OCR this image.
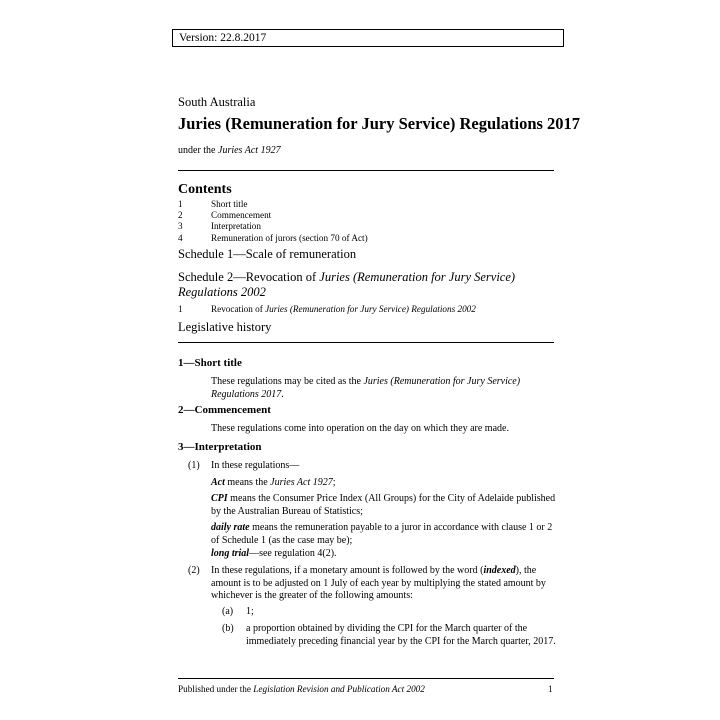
Version: 22.8.2017
South Australia
Juries (Remuneration for Jury Service) Regulations 2017
under the Juries Act 1927
Contents
1	Short title
2	Commencement
3	Interpretation
4	Remuneration of jurors (section 70 of Act)
Schedule 1—Scale of remuneration
Schedule 2—Revocation of Juries (Remuneration for Jury Service)
Regulations 2002
1	Revocation of Juries (Remuneration for Jury Service) Regulations 2002
Legislative history
1—Short title
These regulations may be cited as the Juries (Remuneration for Jury Service)
Regulations 2017.
2—Commencement
These regulations come into operation on the day on which they are made.
3—Interpretation
(1) In these regulations—
Act means the Juries Act 1927;
CPI means the Consumer Price Index (All Groups) for the City of Adelaide published
by the Australian Bureau of Statistics;
daily rate means the remuneration payable to a juror in accordance with clause 1 or 2
of Schedule 1 (as the case may be);
long trial—see regulation 4(2).
(2) In these regulations, if a monetary amount is followed by the word (indexed), the
amount is to be adjusted on 1 July of each year by multiplying the stated amount by
whichever is the greater of the following amounts:
(a) 1;
(b) a proportion obtained by dividing the CPI for the March quarter of the
immediately preceding financial year by the CPI for the March quarter, 2017.
Published under the Legislation Revision and Publication Act 2002	1
